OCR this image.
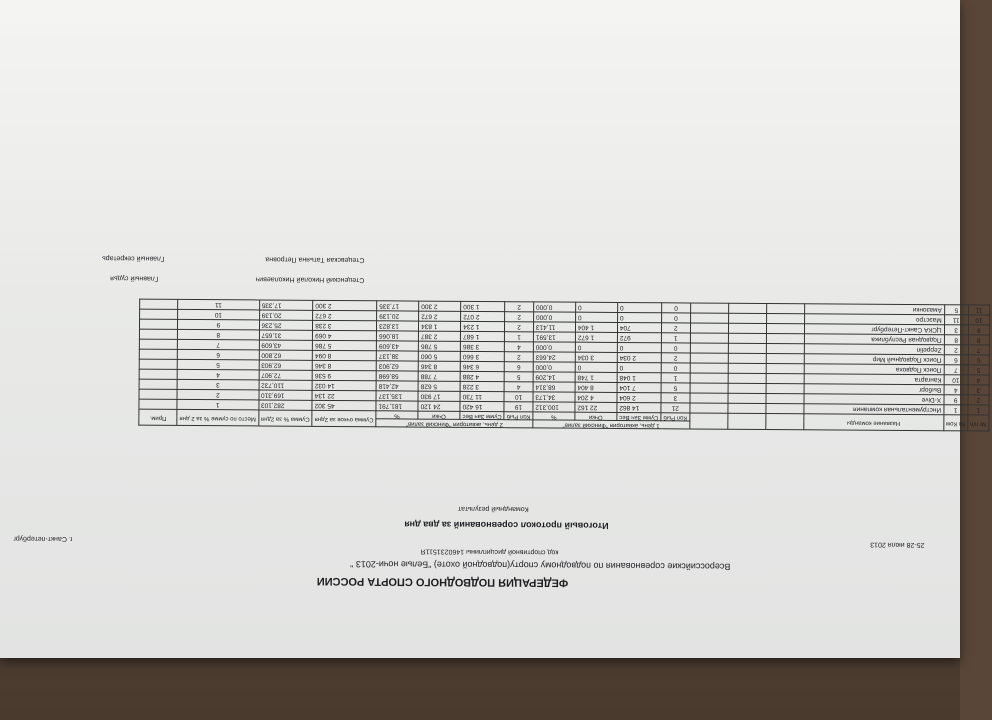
ФЕДЕРАЦИЯ ПОДВОДНОГО СПОРТА РОССИИ
Всероссийские соревнования по подводному спорту(подводной охоте) "Белые ночи-2013 "
код спортивной дисциплины 1460231511Я
25-28 июля 2013
г. Санкт-петербург
Итоговый протокол соревнований за два дня
Командный результат
№ п/п	№ Ком	Название команды				1 день, акватория "Финский залив"				2 день, акватория "Финский залив"				Сумма очков за 2дня	Сумма % за 2дня	Место по сумме % за 2 дня	Прим.
						Кол Рыб	Сумм Зач Вес	Очки	%	Кол Рыб	Сумм Зач Вес	Очки	%				
1	1	Инструментальная компания				21	14 862	22 162	100,312	19	16 420	24 120	181,791	45 302	282,103	1	
2	9	X-Dive				3	2 604	4 204	34,173	10	11 730	17 930	135,137	22 134	169,310	2	
3	4	Выборг				5	7 104	8 404	68,314	4	3 228	5 628	42,418	14 032	110,732	3	
4	10	Кангарта				1	1 048	1 748	14,209	5	4 288	7 788	58,698	9 536	72,907	4	
5	7	Поиск Подвоха				0	0	0	0,000	6	6 346	8 346	62,903	8 346	62,903	5	
6	6	Поиск Подводный Мир				2	2 034	3 034	24,663	2	3 660	5 060	38,137	8 094	62,800	6	
7	2	Zeppelin				0	0	0	0,000	4	3 386	5 786	43,609	5 786	43,609	7	
8	8	Подводная Республика				1	972	1 672	13,591	1	1 687	2 387	18,066	4 069	31,657	8	
9	3	ЦСКА Санкт-Петербург				2	704	1 404	11,413	2	1 234	1 834	13,823	3 238	25,236	9	
10	11	Маэстро				0	0	0	0,000	2	2 072	2 672	20,139	2 672	20,139	10	
11	5	Амазонки				0	0	0	0,000	2	1 300	2 300	17,335	2 300	17,335	11	
Стеценский Николай Николаевич
Главный судья
Стецевская Татьяна Петровна
Главный секретарь
